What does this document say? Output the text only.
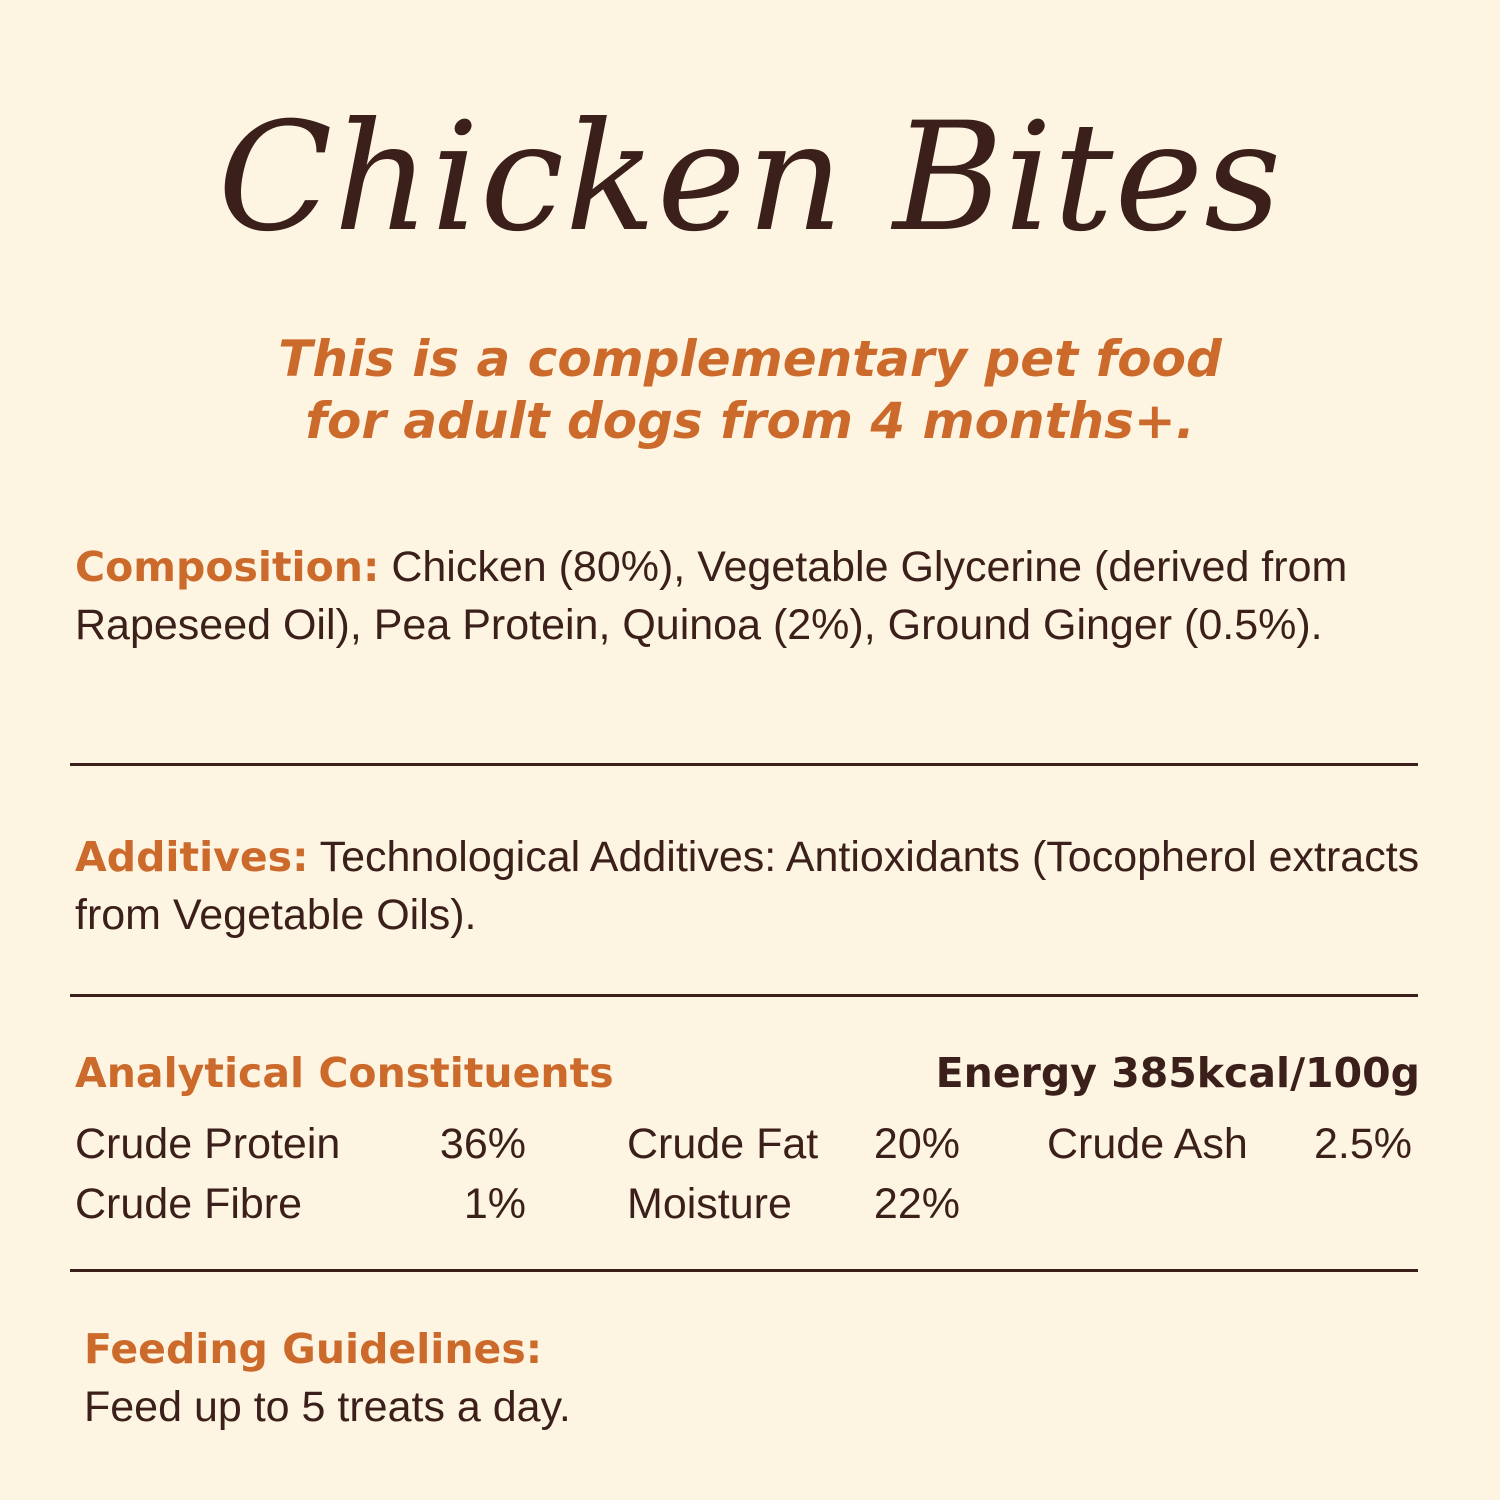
Chicken Bites
This is a complementary pet food
for adult dogs from 4 months+.
Composition: Chicken (80%), Vegetable Glycerine (derived from Rapeseed Oil), Pea Protein, Quinoa (2%), Ground Ginger (0.5%).
Additives: Technological Additives: Antioxidants (Tocopherol extracts from Vegetable Oils).
Analytical Constituents	Energy 385kcal/100g
Crude Protein	36% Crude Fat	20% Crude Ash	2.5%
Crude Fibre	1% Moisture	22%
Feeding Guidelines:
Feed up to 5 treats a day.
